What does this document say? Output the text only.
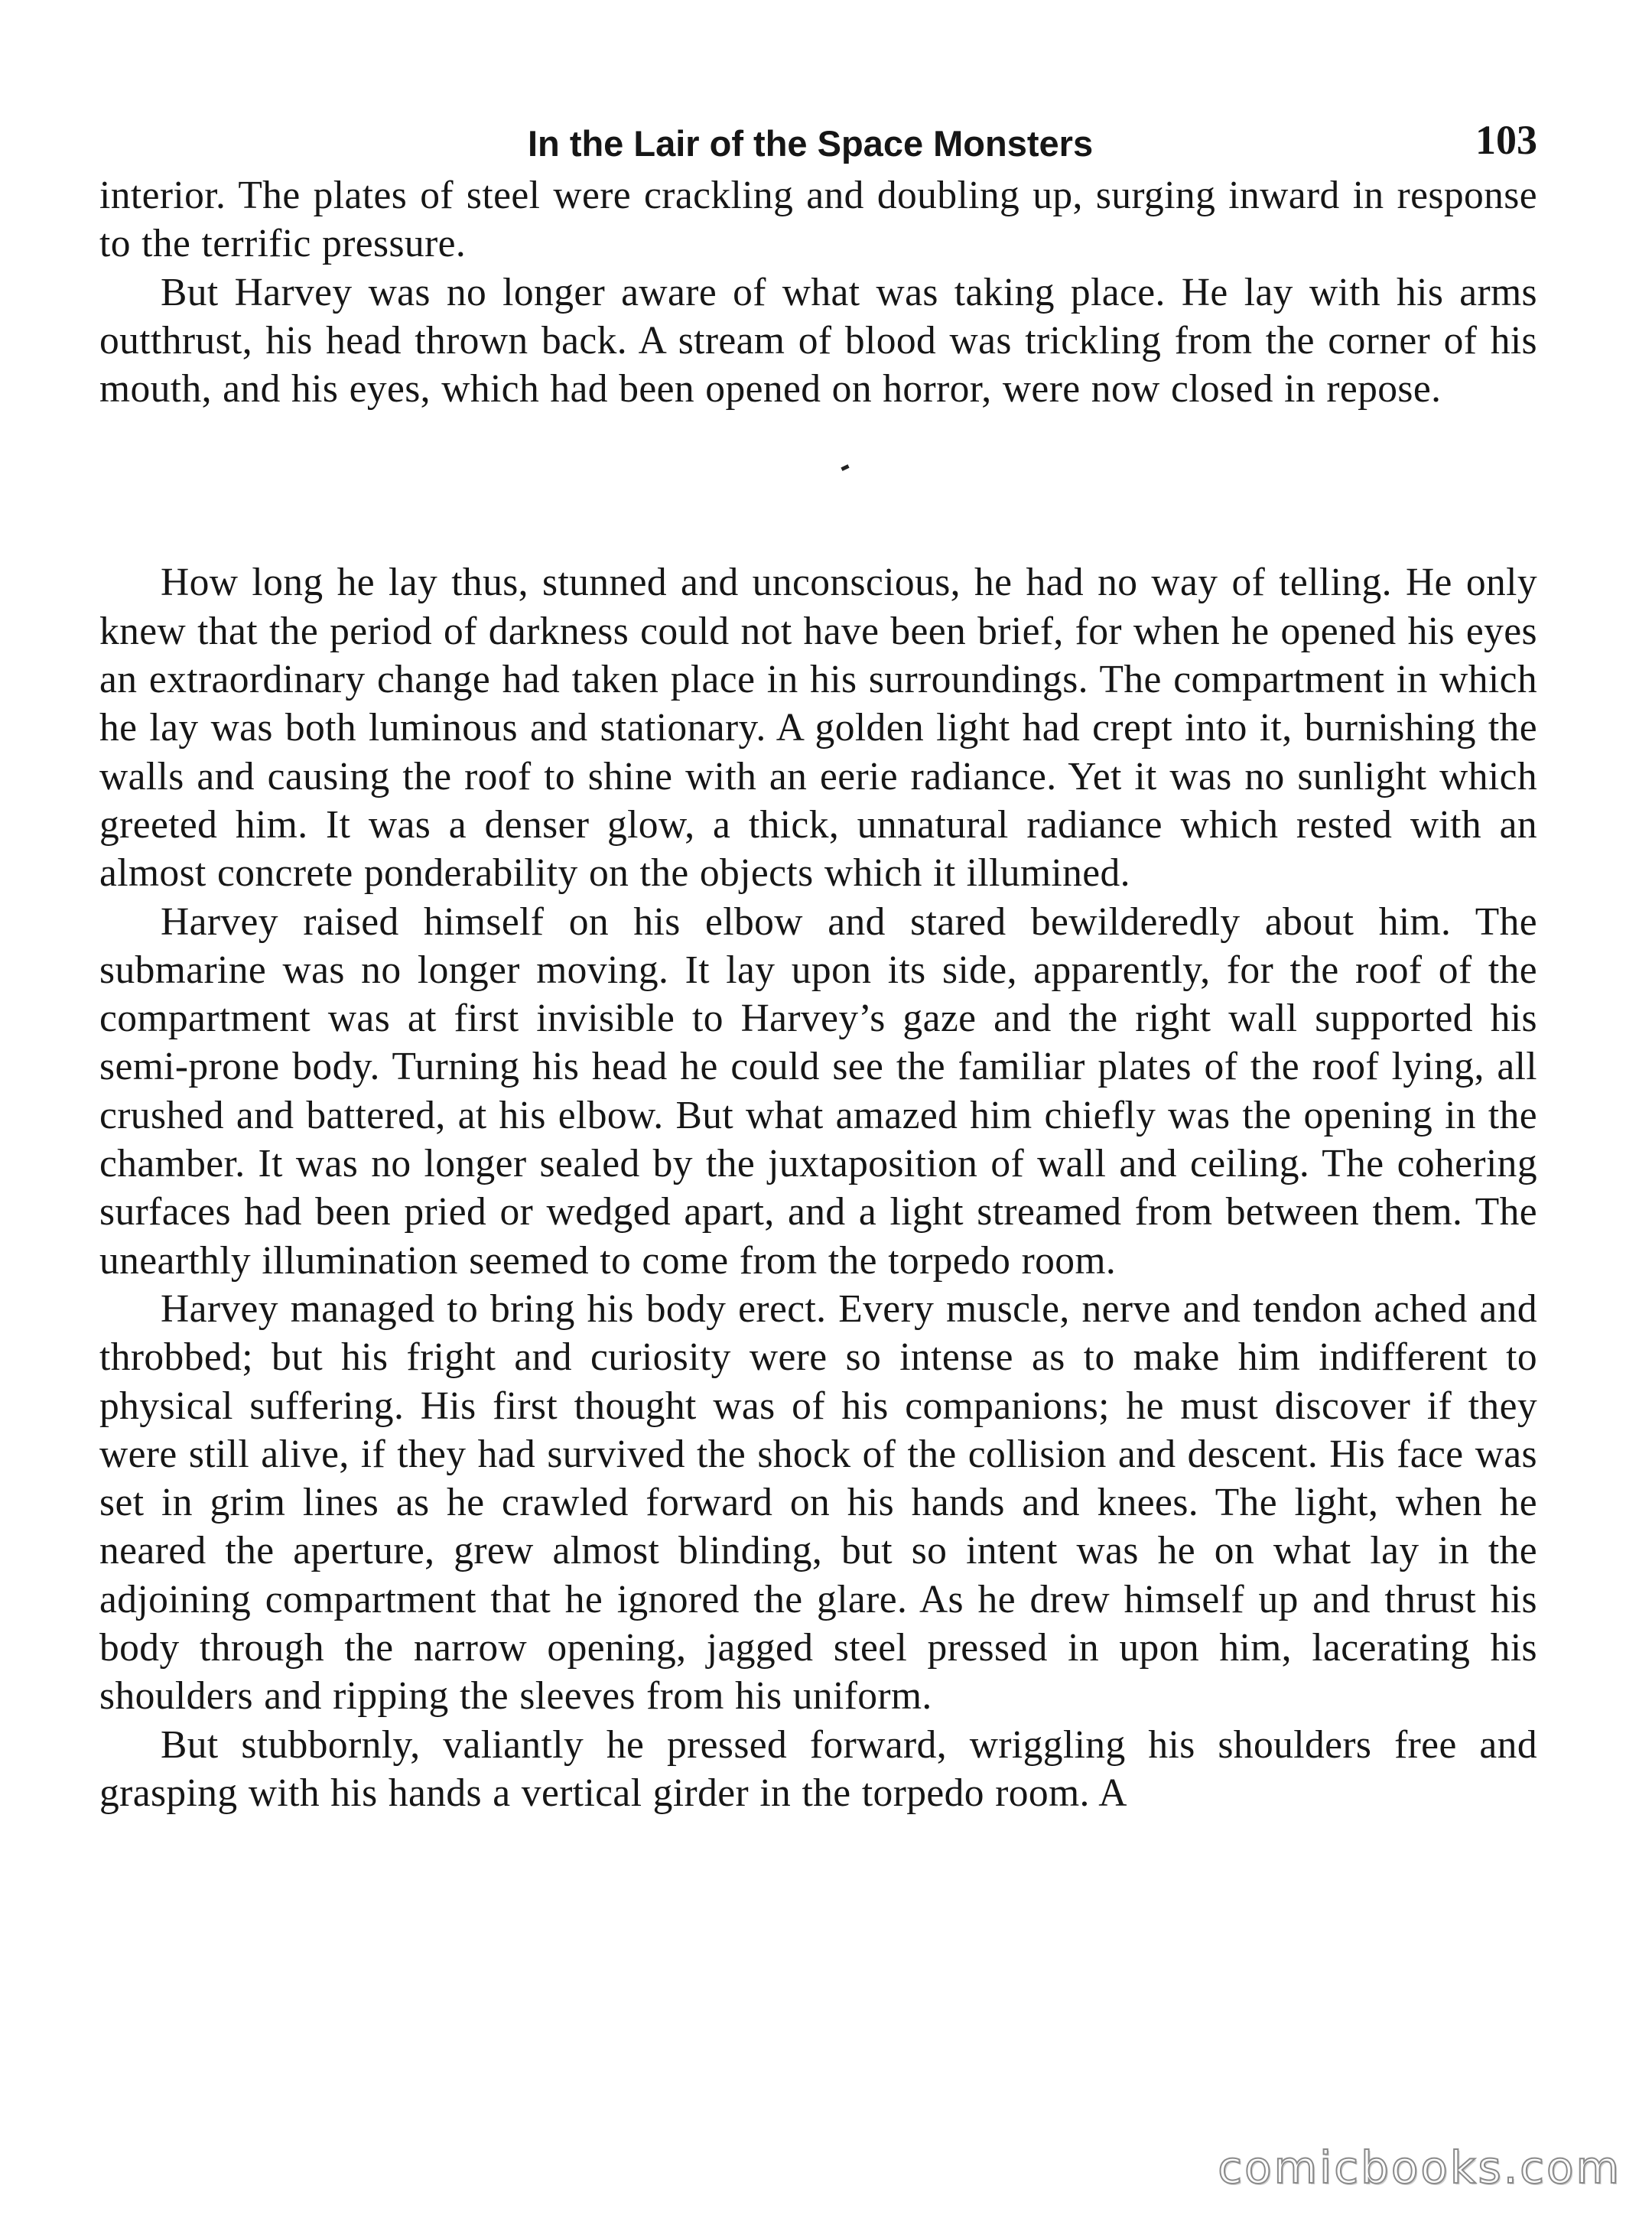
In the Lair of the Space Monsters	103

interior. The plates of steel were crackling and doubling up, surging inward in response to the terrific pressure.

But Harvey was no longer aware of what was taking place. He lay with his arms outthrust, his head thrown back. A stream of blood was trickling from the corner of his mouth, and his eyes, which had been opened on horror, were now closed in repose.

How long he lay thus, stunned and unconscious, he had no way of telling. He only knew that the period of darkness could not have been brief, for when he opened his eyes an extraordinary change had taken place in his surroundings. The compartment in which he lay was both luminous and stationary. A golden light had crept into it, burnishing the walls and causing the roof to shine with an eerie radiance. Yet it was no sunlight which greeted him. It was a denser glow, a thick, unnatural radiance which rested with an almost concrete ponderability on the objects which it illumined.

Harvey raised himself on his elbow and stared bewilderedly about him. The submarine was no longer moving. It lay upon its side, apparently, for the roof of the compartment was at first invisible to Harvey’s gaze and the right wall supported his semi-prone body. Turning his head he could see the familiar plates of the roof lying, all crushed and battered, at his elbow. But what amazed him chiefly was the opening in the chamber. It was no longer sealed by the juxtaposition of wall and ceiling. The cohering surfaces had been pried or wedged apart, and a light streamed from between them. The unearthly illumination seemed to come from the torpedo room.

Harvey managed to bring his body erect. Every muscle, nerve and tendon ached and throbbed; but his fright and curiosity were so intense as to make him indifferent to physical suffering. His first thought was of his companions; he must discover if they were still alive, if they had survived the shock of the collision and descent. His face was set in grim lines as he crawled forward on his hands and knees. The light, when he neared the aperture, grew almost blinding, but so intent was he on what lay in the adjoining compartment that he ignored the glare. As he drew himself up and thrust his body through the narrow opening, jagged steel pressed in upon him, lacerating his shoulders and ripping the sleeves from his uniform.

But stubbornly, valiantly he pressed forward, wriggling his shoulders free and grasping with his hands a vertical girder in the torpedo room. A

comicbooks.com
